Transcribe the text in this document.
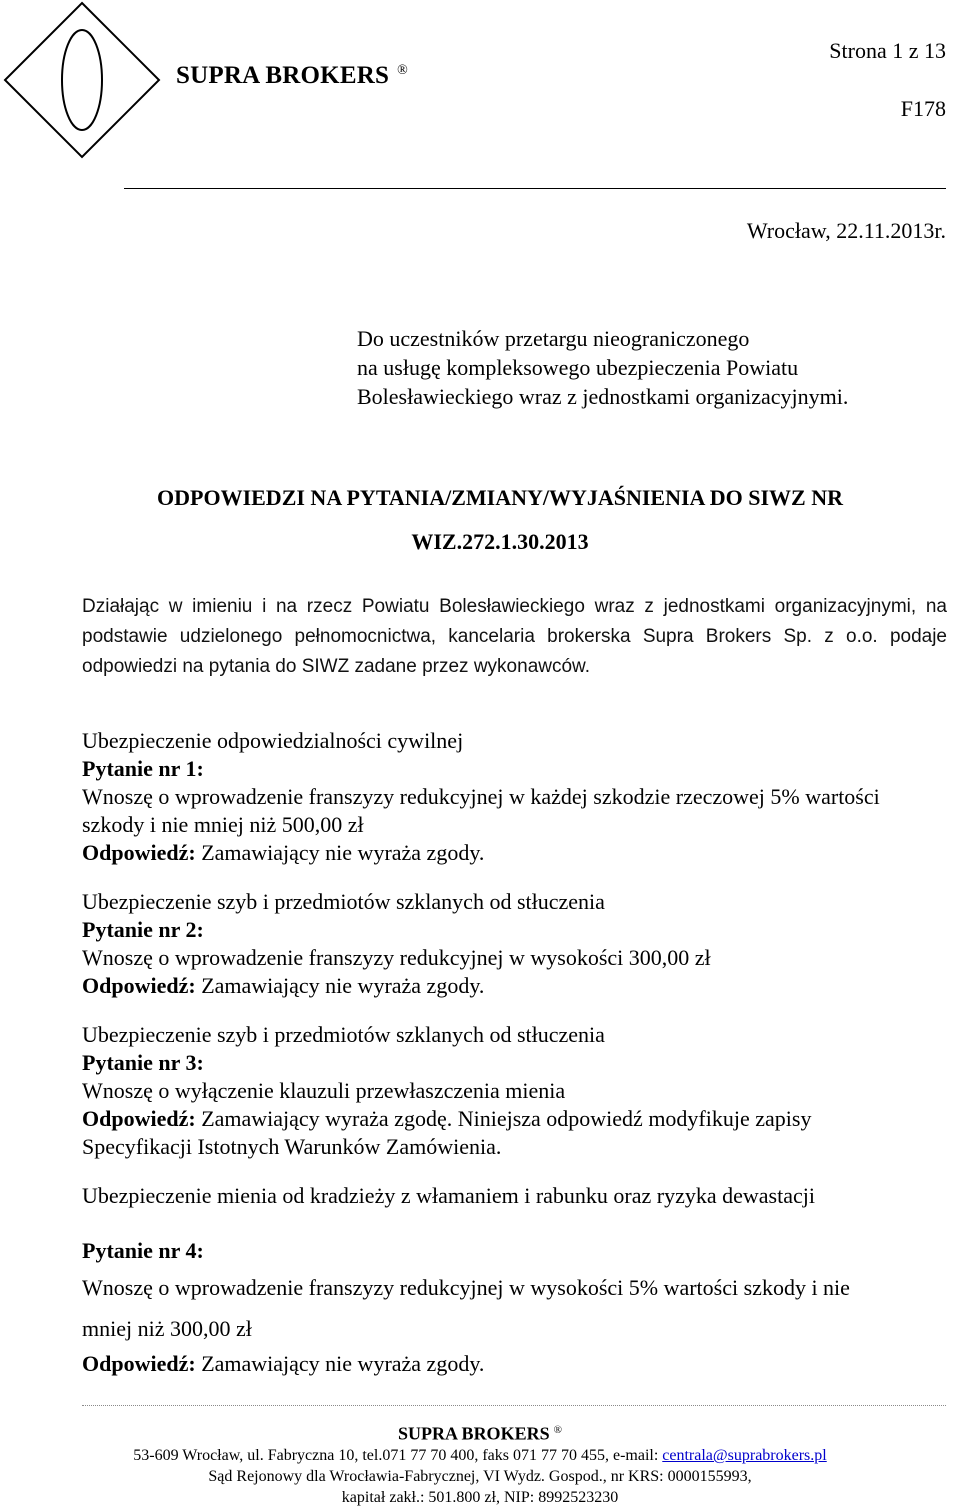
SUPRA BROKERS ®
Strona 1 z 13
F178
Wrocław, 22.11.2013r.
Do uczestników przetargu nieograniczonego
na usługę kompleksowego ubezpieczenia Powiatu
Bolesławieckiego wraz z jednostkami organizacyjnymi.
ODPOWIEDZI NA PYTANIA/ZMIANY/WYJAŚNIENIA DO SIWZ NR
WIZ.272.1.30.2013
Działając w imieniu i na rzecz Powiatu Bolesławieckiego wraz z jednostkami organizacyjnymi, na podstawie udzielonego pełnomocnictwa, kancelaria brokerska Supra Brokers Sp. z o.o. podaje odpowiedzi na pytania do SIWZ zadane przez wykonawców.
Ubezpieczenie odpowiedzialności cywilnej
Pytanie nr 1:
Wnoszę o wprowadzenie franszyzy redukcyjnej w każdej szkodzie rzeczowej 5% wartości
szkody i nie mniej niż 500,00 zł
Odpowiedź: Zamawiający nie wyraża zgody.
Ubezpieczenie szyb i przedmiotów szklanych od stłuczenia
Pytanie nr 2:
Wnoszę o wprowadzenie franszyzy redukcyjnej w wysokości 300,00 zł
Odpowiedź: Zamawiający nie wyraża zgody.
Ubezpieczenie szyb i przedmiotów szklanych od stłuczenia
Pytanie nr 3:
Wnoszę o wyłączenie klauzuli przewłaszczenia mienia
Odpowiedź: Zamawiający wyraża zgodę. Niniejsza odpowiedź modyfikuje zapisy
Specyfikacji Istotnych Warunków Zamówienia.
Ubezpieczenie mienia od kradzieży z włamaniem i rabunku oraz ryzyka dewastacji
Pytanie nr 4:
Wnoszę o wprowadzenie franszyzy redukcyjnej w wysokości 5% wartości szkody i nie
mniej niż 300,00 zł
Odpowiedź: Zamawiający nie wyraża zgody.
SUPRA BROKERS ®
53-609 Wrocław, ul. Fabryczna 10, tel.071 77 70 400, faks 071 77 70 455, e-mail: centrala@suprabrokers.pl
Sąd Rejonowy dla Wrocławia-Fabrycznej, VI Wydz. Gospod., nr KRS: 0000155993,
kapitał zakł.: 501.800 zł, NIP: 8992523230
